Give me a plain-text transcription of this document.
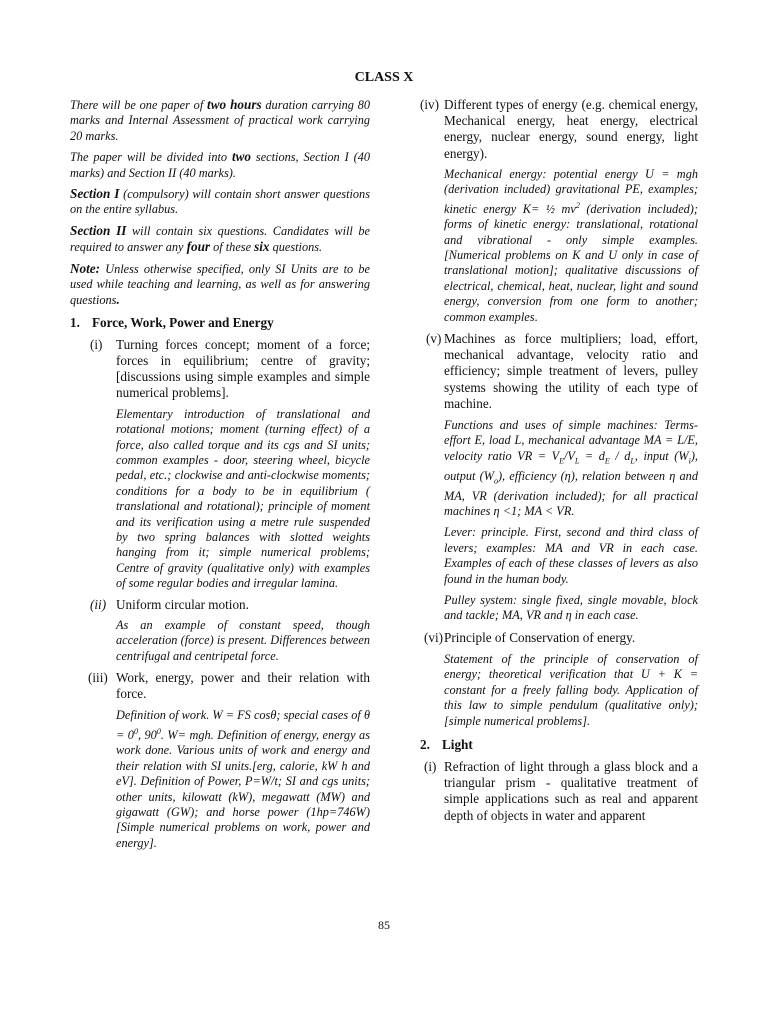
CLASS X

There will be one paper of two hours duration carrying 80 marks and Internal Assessment of practical work carrying 20 marks.

The paper will be divided into two sections, Section I (40 marks) and Section II (40 marks).

Section I (compulsory) will contain short answer questions on the entire syllabus.

Section II will contain six questions. Candidates will be required to answer any four of these six questions.

Note: Unless otherwise specified, only SI Units are to be used while teaching and learning, as well as for answering questions.

1. Force, Work, Power and Energy

(i) Turning forces concept; moment of a force; forces in equilibrium; centre of gravity; [discussions using simple examples and simple numerical problems].

Elementary introduction of translational and rotational motions; moment (turning effect) of a force, also called torque and its cgs and SI units; common examples - door, steering wheel, bicycle pedal, etc.; clockwise and anti-clockwise moments; conditions for a body to be in equilibrium ( translational and rotational); principle of moment and its verification using a metre rule suspended by two spring balances with slotted weights hanging from it; simple numerical problems; Centre of gravity (qualitative only) with examples of some regular bodies and irregular lamina.

(ii) Uniform circular motion.

As an example of constant speed, though acceleration (force) is present. Differences between centrifugal and centripetal force.

(iii) Work, energy, power and their relation with force.

Definition of work. W = FS cosθ; special cases of $\theta = 0^0$, $90^0$. W= mgh. Definition of energy, energy as work done. Various units of work and energy and their relation with SI units.[erg, calorie, kW h and eV]. Definition of Power, P=W/t; SI and cgs units; other units, kilowatt (kW), megawatt (MW) and gigawatt (GW); and horse power (1hp=746W) [Simple numerical problems on work, power and energy].

(iv) Different types of energy (e.g. chemical energy, Mechanical energy, heat energy, electrical energy, nuclear energy, sound energy, light energy).

Mechanical energy: potential energy U = mgh (derivation included) gravitational PE, examples; kinetic energy K= ½ $mv^2$ (derivation included); forms of kinetic energy: translational, rotational and vibrational - only simple examples. [Numerical problems on K and U only in case of translational motion]; qualitative discussions of electrical, chemical, heat, nuclear, light and sound energy, conversion from one form to another; common examples.

(v) Machines as force multipliers; load, effort, mechanical advantage, velocity ratio and efficiency; simple treatment of levers, pulley systems showing the utility of each type of machine.

Functions and uses of simple machines: Terms- effort E, load L, mechanical advantage MA = L/E, velocity ratio VR = $V_E/V_L = d_E / d_L$, input $(W_i)$, output $(W_o)$, efficiency (η), relation between η and MA, VR (derivation included); for all practical machines η <1; MA < VR.

Lever: principle. First, second and third class of levers; examples: MA and VR in each case. Examples of each of these classes of levers as also found in the human body.

Pulley system: single fixed, single movable, block and tackle; MA, VR and η in each case.

(vi) Principle of Conservation of energy.

Statement of the principle of conservation of energy; theoretical verification that U + K = constant for a freely falling body. Application of this law to simple pendulum (qualitative only); [simple numerical problems].

2. Light

(i) Refraction of light through a glass block and a triangular prism - qualitative treatment of simple applications such as real and apparent depth of objects in water and apparent
85
